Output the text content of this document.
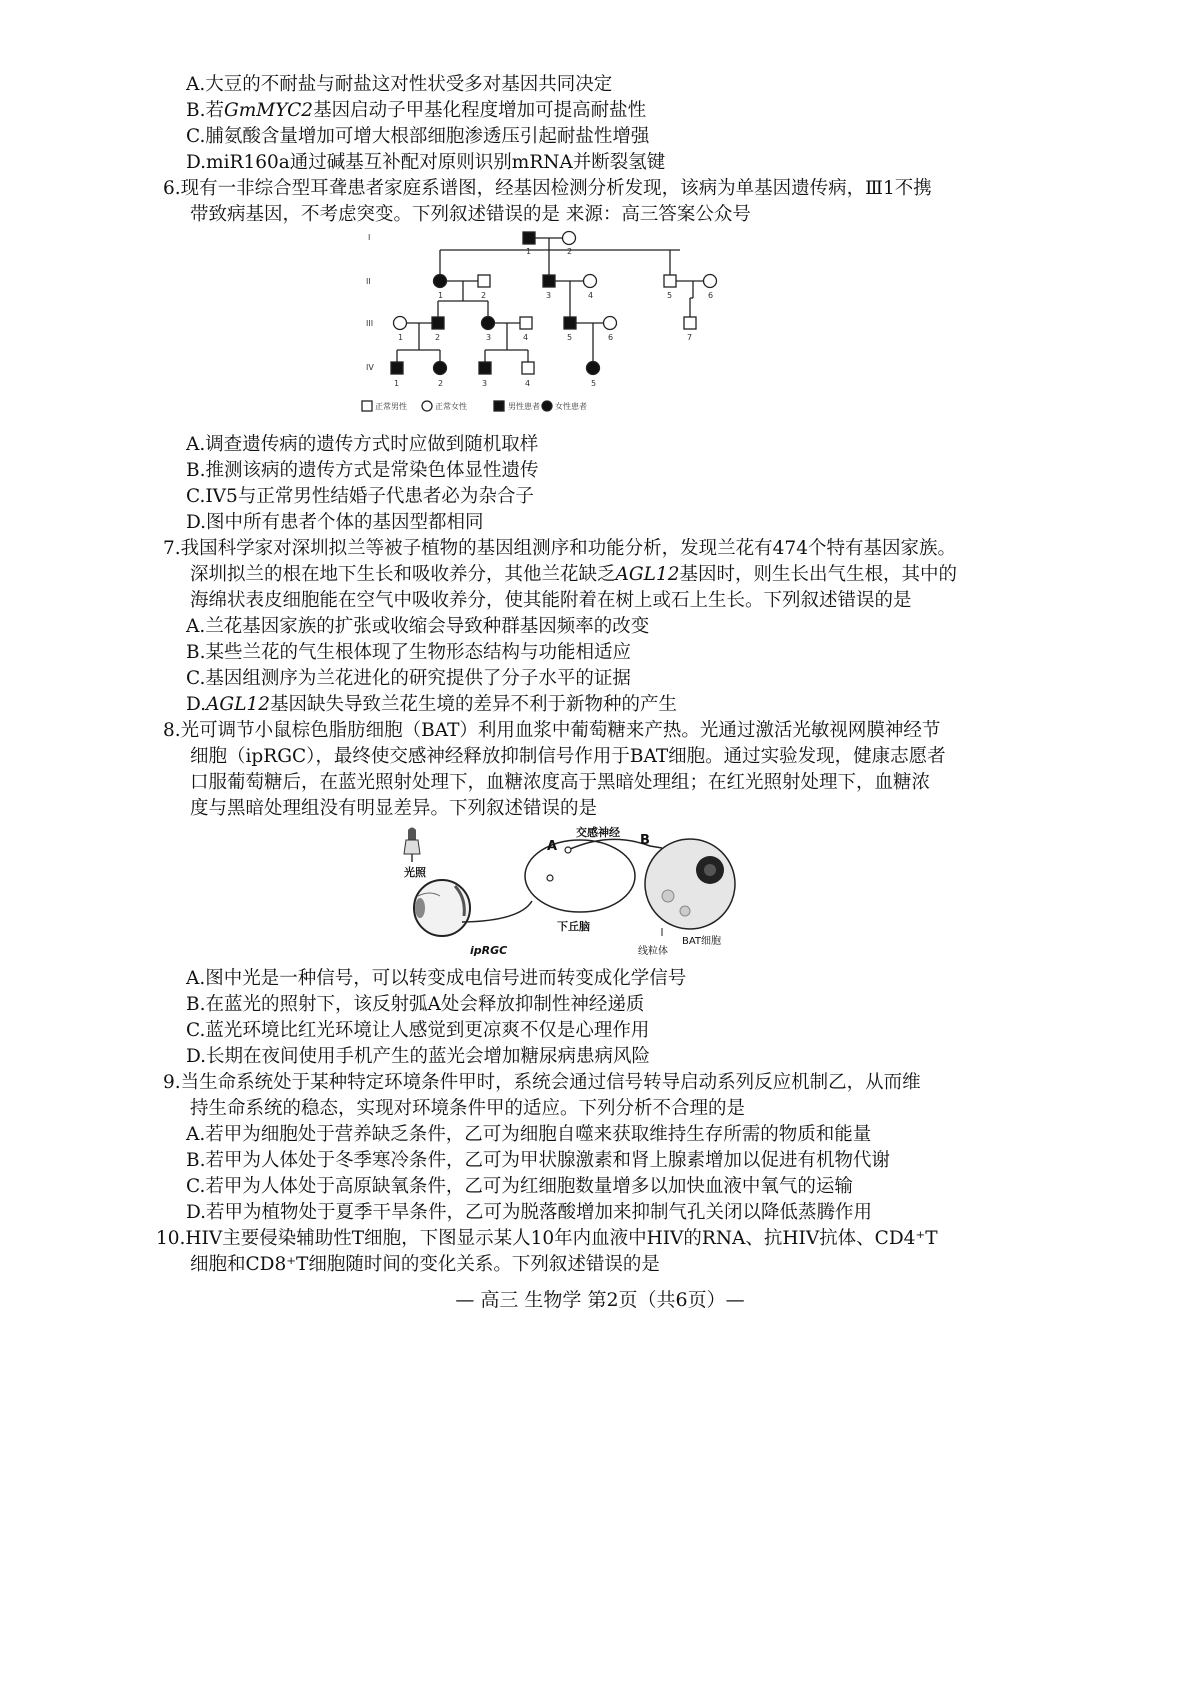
A.大豆的不耐盐与耐盐这对性状受多对基因共同决定
B.若GmMYC2基因启动子甲基化程度增加可提高耐盐性
C.脯氨酸含量增加可增大根部细胞渗透压引起耐盐性增强
D.miR160a通过碱基互补配对原则识别mRNA并断裂氢键
6.现有一非综合型耳聋患者家庭系谱图，经基因检测分析发现，该病为单基因遗传病，Ⅲ1不携
带致病基因，不考虑突变。下列叙述错误的是 来源：高三答案公众号
I
III
IV
1	2
1	2	3	4	5	6
1	2	3	4	5	6	7
1	2	3	4	5
正常男性	正常女性	男性患者 女性患者
II
A.调查遗传病的遗传方式时应做到随机取样
B.推测该病的遗传方式是常染色体显性遗传
C.IV5与正常男性结婚子代患者必为杂合子
D.图中所有患者个体的基因型都相同
7.我国科学家对深圳拟兰等被子植物的基因组测序和功能分析，发现兰花有474个特有基因家族。
深圳拟兰的根在地下生长和吸收养分，其他兰花缺乏AGL12基因时，则生长出气生根，其中的
海绵状表皮细胞能在空气中吸收养分，使其能附着在树上或石上生长。下列叙述错误的是
A.兰花基因家族的扩张或收缩会导致种群基因频率的改变
B.某些兰花的气生根体现了生物形态结构与功能相适应
C.基因组测序为兰花进化的研究提供了分子水平的证据
D.AGL12基因缺失导致兰花生境的差异不利于新物种的产生
8.光可调节小鼠棕色脂肪细胞（BAT）利用血浆中葡萄糖来产热。光通过激活光敏视网膜神经节
细胞（ipRGC），最终使交感神经释放抑制信号作用于BAT细胞。通过实验发现，健康志愿者
口服葡萄糖后，在蓝光照射处理下，血糖浓度高于黑暗处理组；在红光照射处理下，血糖浓
度与黑暗处理组没有明显差异。下列叙述错误的是
光照
ipRGC
A	B
交感神经
下丘脑
BAT细胞
线粒体
A.图中光是一种信号，可以转变成电信号进而转变成化学信号
B.在蓝光的照射下，该反射弧A处会释放抑制性神经递质
C.蓝光环境比红光环境让人感觉到更凉爽不仅是心理作用
D.长期在夜间使用手机产生的蓝光会增加糖尿病患病风险
9.当生命系统处于某种特定环境条件甲时，系统会通过信号转导启动系列反应机制乙，从而维
持生命系统的稳态，实现对环境条件甲的适应。下列分析不合理的是
A.若甲为细胞处于营养缺乏条件，乙可为细胞自噬来获取维持生存所需的物质和能量
B.若甲为人体处于冬季寒冷条件，乙可为甲状腺激素和肾上腺素增加以促进有机物代谢
C.若甲为人体处于高原缺氧条件，乙可为红细胞数量增多以加快血液中氧气的运输
D.若甲为植物处于夏季干旱条件，乙可为脱落酸增加来抑制气孔关闭以降低蒸腾作用
10.HIV主要侵染辅助性T细胞，下图显示某人10年内血液中HIV的RNA、抗HIV抗体、CD4⁺T
细胞和CD8⁺T细胞随时间的变化关系。下列叙述错误的是
— 高三 生物学 第2页（共6页）—
